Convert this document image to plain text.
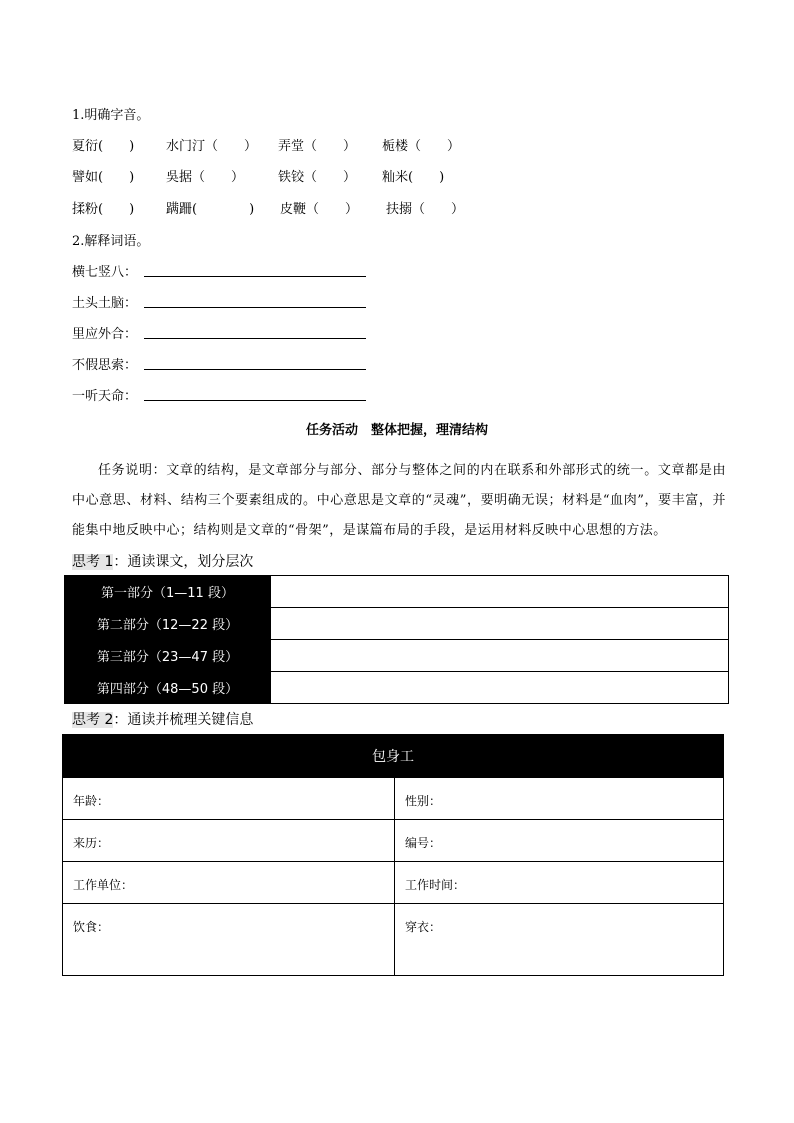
1.明确字音。
夏衍(　　) 水门汀（　　） 弄堂（　　） 栀楼（　　）
譬如(　　) 吳据（　　）	铁铰（　　） 籼米(　　)
揉粉(　　) 蹒跚(　　　　) 皮鞭（　　） 扶搦（　　）
2.解释词语。
横七竖八：
土头土脑：
里应外合：
不假思索：
一听天命：
任务活动　整体把握，理清结构
任务说明：文章的结构，是文章部分与部分、部分与整体之间的内在联系和外部形式的统一。文章都是由中心意思、材料、结构三个要素组成的。中心意思是文章的“灵魂”，要明确无误；材料是“血肉”，要丰富，并能集中地反映中心；结构则是文章的“骨架”，是谋篇布局的手段，是运用材料反映中心思想的方法。
思考 1：通读课文，划分层次
第一部分（1—11 段）	
第二部分（12—22 段）	
第三部分（23—47 段）	
第四部分（48—50 段）	
思考 2：通读并梳理关键信息
包身工	
年龄：	性别：
来历：	编号：
工作单位：	工作时间：
饮食：	穿衣：
